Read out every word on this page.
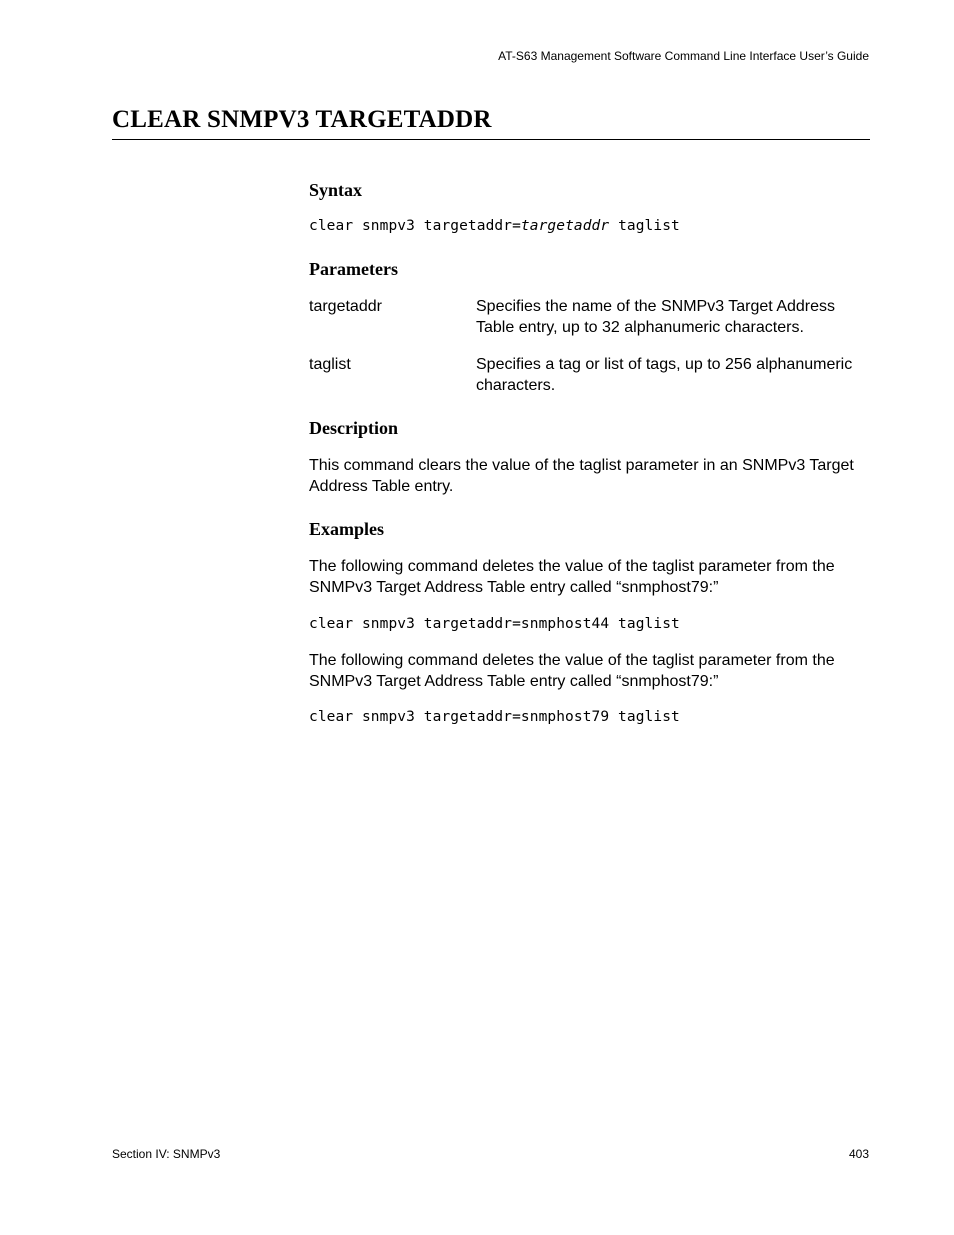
AT-S63 Management Software Command Line Interface User’s Guide
CLEAR SNMPV3 TARGETADDR
Syntax
clear snmpv3 targetaddr=targetaddr taglist
Parameters
targetaddr	Specifies the name of the SNMPv3 Target Address Table entry, up to 32 alphanumeric characters.
taglist	Specifies a tag or list of tags, up to 256 alphanumeric characters.
Description
This command clears the value of the taglist parameter in an SNMPv3 Target Address Table entry.
Examples
The following command deletes the value of the taglist parameter from the SNMPv3 Target Address Table entry called “snmphost79:”
clear snmpv3 targetaddr=snmphost44 taglist
The following command deletes the value of the taglist parameter from the SNMPv3 Target Address Table entry called “snmphost79:”
clear snmpv3 targetaddr=snmphost79 taglist
Section IV: SNMPv3	403
